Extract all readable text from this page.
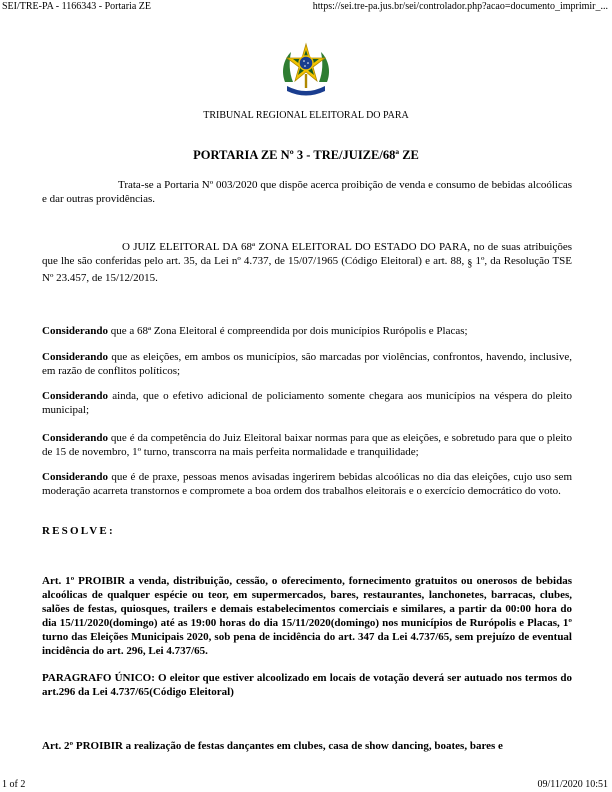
SEI/TRE-PA - 1166343 - Portaria ZE	https://sei.tre-pa.jus.br/sei/controlador.php?acao=documento_imprimir_...
TRIBUNAL REGIONAL ELEITORAL DO PARA
PORTARIA ZE Nº 3 - TRE/JUIZE/68ª ZE

Trata-se a Portaria Nº 003/2020 que dispõe acerca proibição de venda e consumo de bebidas alcoólicas e dar outras providências.

O JUIZ ELEITORAL DA 68ª ZONA ELEITORAL DO ESTADO DO PARA, no de suas atribuições que lhe são conferidas pelo art. 35, da Lei nº 4.737, de 15/07/1965 (Código Eleitoral) e art. 88, § 1º, da Resolução TSE Nº 23.457, de 15/12/2015.

Considerando que a 68ª Zona Eleitoral é compreendida por dois municípios Rurópolis e Placas;

Considerando que as eleições, em ambos os municípios, são marcadas por violências, confrontos, havendo, inclusive, em razão de conflitos políticos;

Considerando ainda, que o efetivo adicional de policiamento somente chegara aos municípios na véspera do pleito municipal;

Considerando que é da competência do Juiz Eleitoral baixar normas para que as eleições, e sobretudo para que o pleito de 15 de novembro, 1º turno, transcorra na mais perfeita normalidade e tranquilidade;

Considerando que é de praxe, pessoas menos avisadas ingerirem bebidas alcoólicas no dia das eleições, cujo uso sem moderação acarreta transtornos e compromete a boa ordem dos trabalhos eleitorais e o exercício democrático do voto.

RESOLVE:

Art. 1º PROIBIR a venda, distribuição, cessão, o oferecimento, fornecimento gratuitos ou onerosos de bebidas alcoólicas de qualquer espécie ou teor, em supermercados, bares, restaurantes, lanchonetes, barracas, clubes, salões de festas, quiosques, trailers e demais estabelecimentos comerciais e similares, a partir da 00:00 hora do dia 15/11/2020(domingo) até as 19:00 horas do dia 15/11/2020(domingo) nos municípios de Rurópolis e Placas, 1º turno das Eleições Municipais 2020, sob pena de incidência do art. 347 da Lei 4.737/65, sem prejuízo de eventual incidência do art. 296, Lei 4.737/65.

PARAGRAFO ÚNICO: O eleitor que estiver alcoolizado em locais de votação deverá ser autuado nos termos do art.296 da Lei 4.737/65(Código Eleitoral)

Art. 2º PROIBIR a realização de festas dançantes em clubes, casa de show dancing, boates, bares e

1 of 2	09/11/2020 10:51
